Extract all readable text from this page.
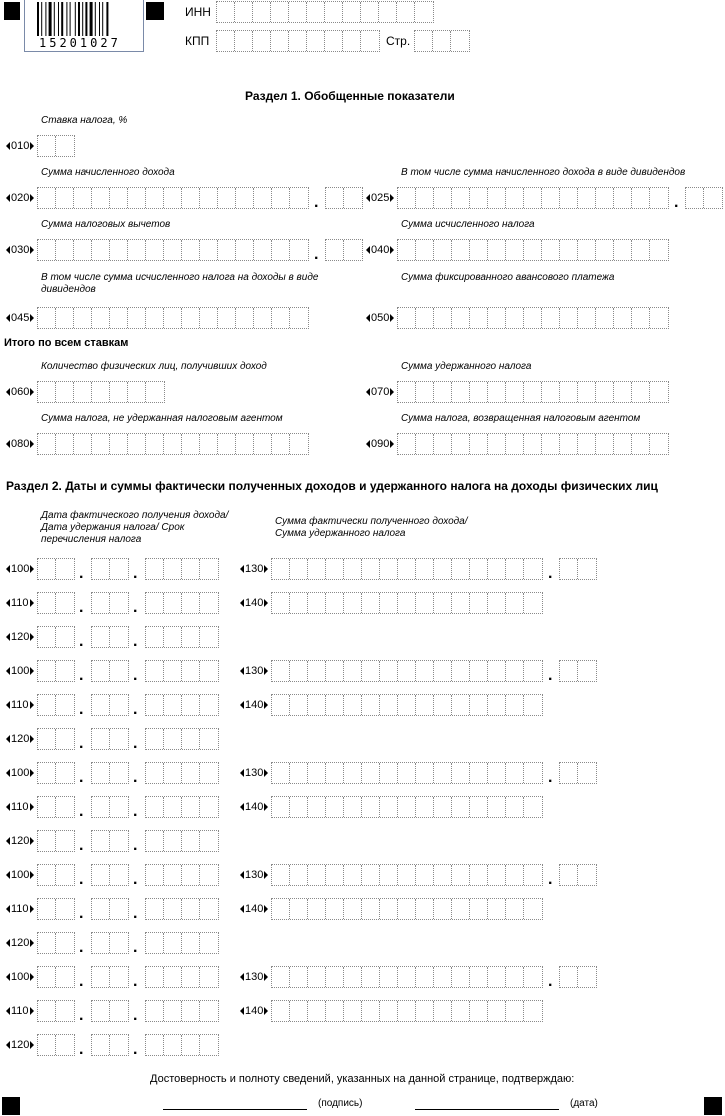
15201027
ИНН
КПП	Стр.
Раздел 1. Обобщенные показатели
Ставка налога, %
010
Сумма начисленного дохода
020	.
В том числе сумма начисленного дохода в виде дивидендов
025	.
Сумма налоговых вычетов
030	.
Сумма исчисленного налога
040
В том числе сумма исчисленного налога на доходы в виде дивидендов
045
Сумма фиксированного авансового платежа
050
Итого по всем ставкам
Количество физических лиц, получивших доход
060
Сумма удержанного налога
070
Сумма налога, не удержанная налоговым агентом
080
Сумма налога, возвращенная налоговым агентом
090
Раздел 2. Даты и суммы фактически полученных доходов и удержанного налога на доходы физических лиц
Дата фактического получения дохода/ Дата удержания налога/ Срок перечисления налога
Сумма фактически полученного дохода/ Сумма удержанного налога
100	.	.	130	.
110	.	.	140
120	.	.
100	.	.	130	.
110	.	.	140
120	.	.
100	.	.	130	.
110	.	.	140
120	.	.
100	.	.	130	.
110	.	.	140
120	.	.
100	.	.	130	.
110	.	.	140
120	.	.
Достоверность и полноту сведений, указанных на данной странице, подтверждаю:
(подпись)	(дата)
